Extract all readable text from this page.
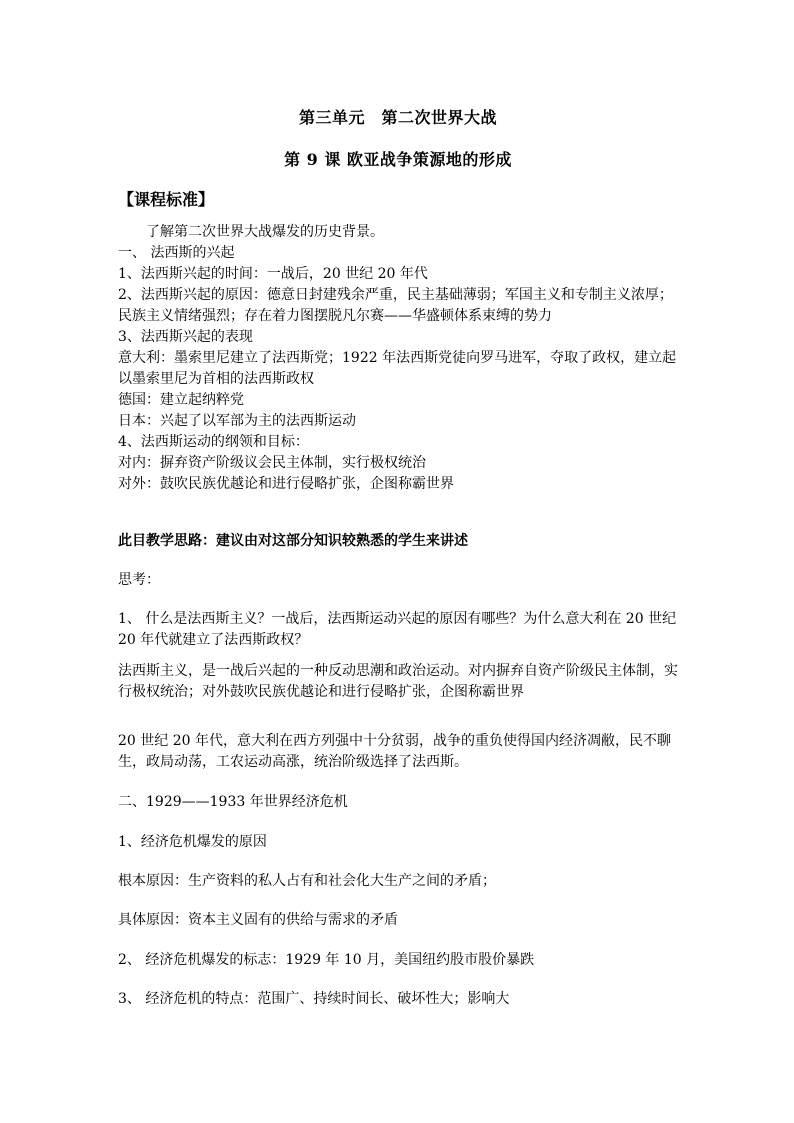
第三单元　第二次世界大战
第 9 课 欧亚战争策源地的形成
【课程标准】

了解第二次世界大战爆发的历史背景。

一、 法西斯的兴起

1、法西斯兴起的时间：一战后，20 世纪 20 年代

2、法西斯兴起的原因：德意日封建残余严重，民主基础薄弱；军国主义和专制主义浓厚；民族主义情绪强烈；存在着力图摆脱凡尔赛——华盛顿体系束缚的势力

3、法西斯兴起的表现

意大利：墨索里尼建立了法西斯党；1922 年法西斯党徒向罗马进军，夺取了政权，建立起以墨索里尼为首相的法西斯政权

德国：建立起纳粹党

日本：兴起了以军部为主的法西斯运动

4、法西斯运动的纲领和目标：

对内：摒弃资产阶级议会民主体制，实行极权统治

对外：鼓吹民族优越论和进行侵略扩张，企图称霸世界

此目教学思路：建议由对这部分知识较熟悉的学生来讲述

思考：

1、 什么是法西斯主义？一战后，法西斯运动兴起的原因有哪些？为什么意大利在 20 世纪 20 年代就建立了法西斯政权？

法西斯主义，是一战后兴起的一种反动思潮和政治运动。对内摒弃自资产阶级民主体制，实行极权统治；对外鼓吹民族优越论和进行侵略扩张，企图称霸世界

20 世纪 20 年代，意大利在西方列强中十分贫弱，战争的重负使得国内经济凋敝，民不聊生，政局动荡，工农运动高涨，统治阶级选择了法西斯。

二、1929——1933 年世界经济危机

1、经济危机爆发的原因

根本原因：生产资料的私人占有和社会化大生产之间的矛盾；

具体原因：资本主义固有的供给与需求的矛盾

2、 经济危机爆发的标志：1929 年 10 月，美国纽约股市股价暴跌

3、 经济危机的特点：范围广、持续时间长、破坏性大；影响大
